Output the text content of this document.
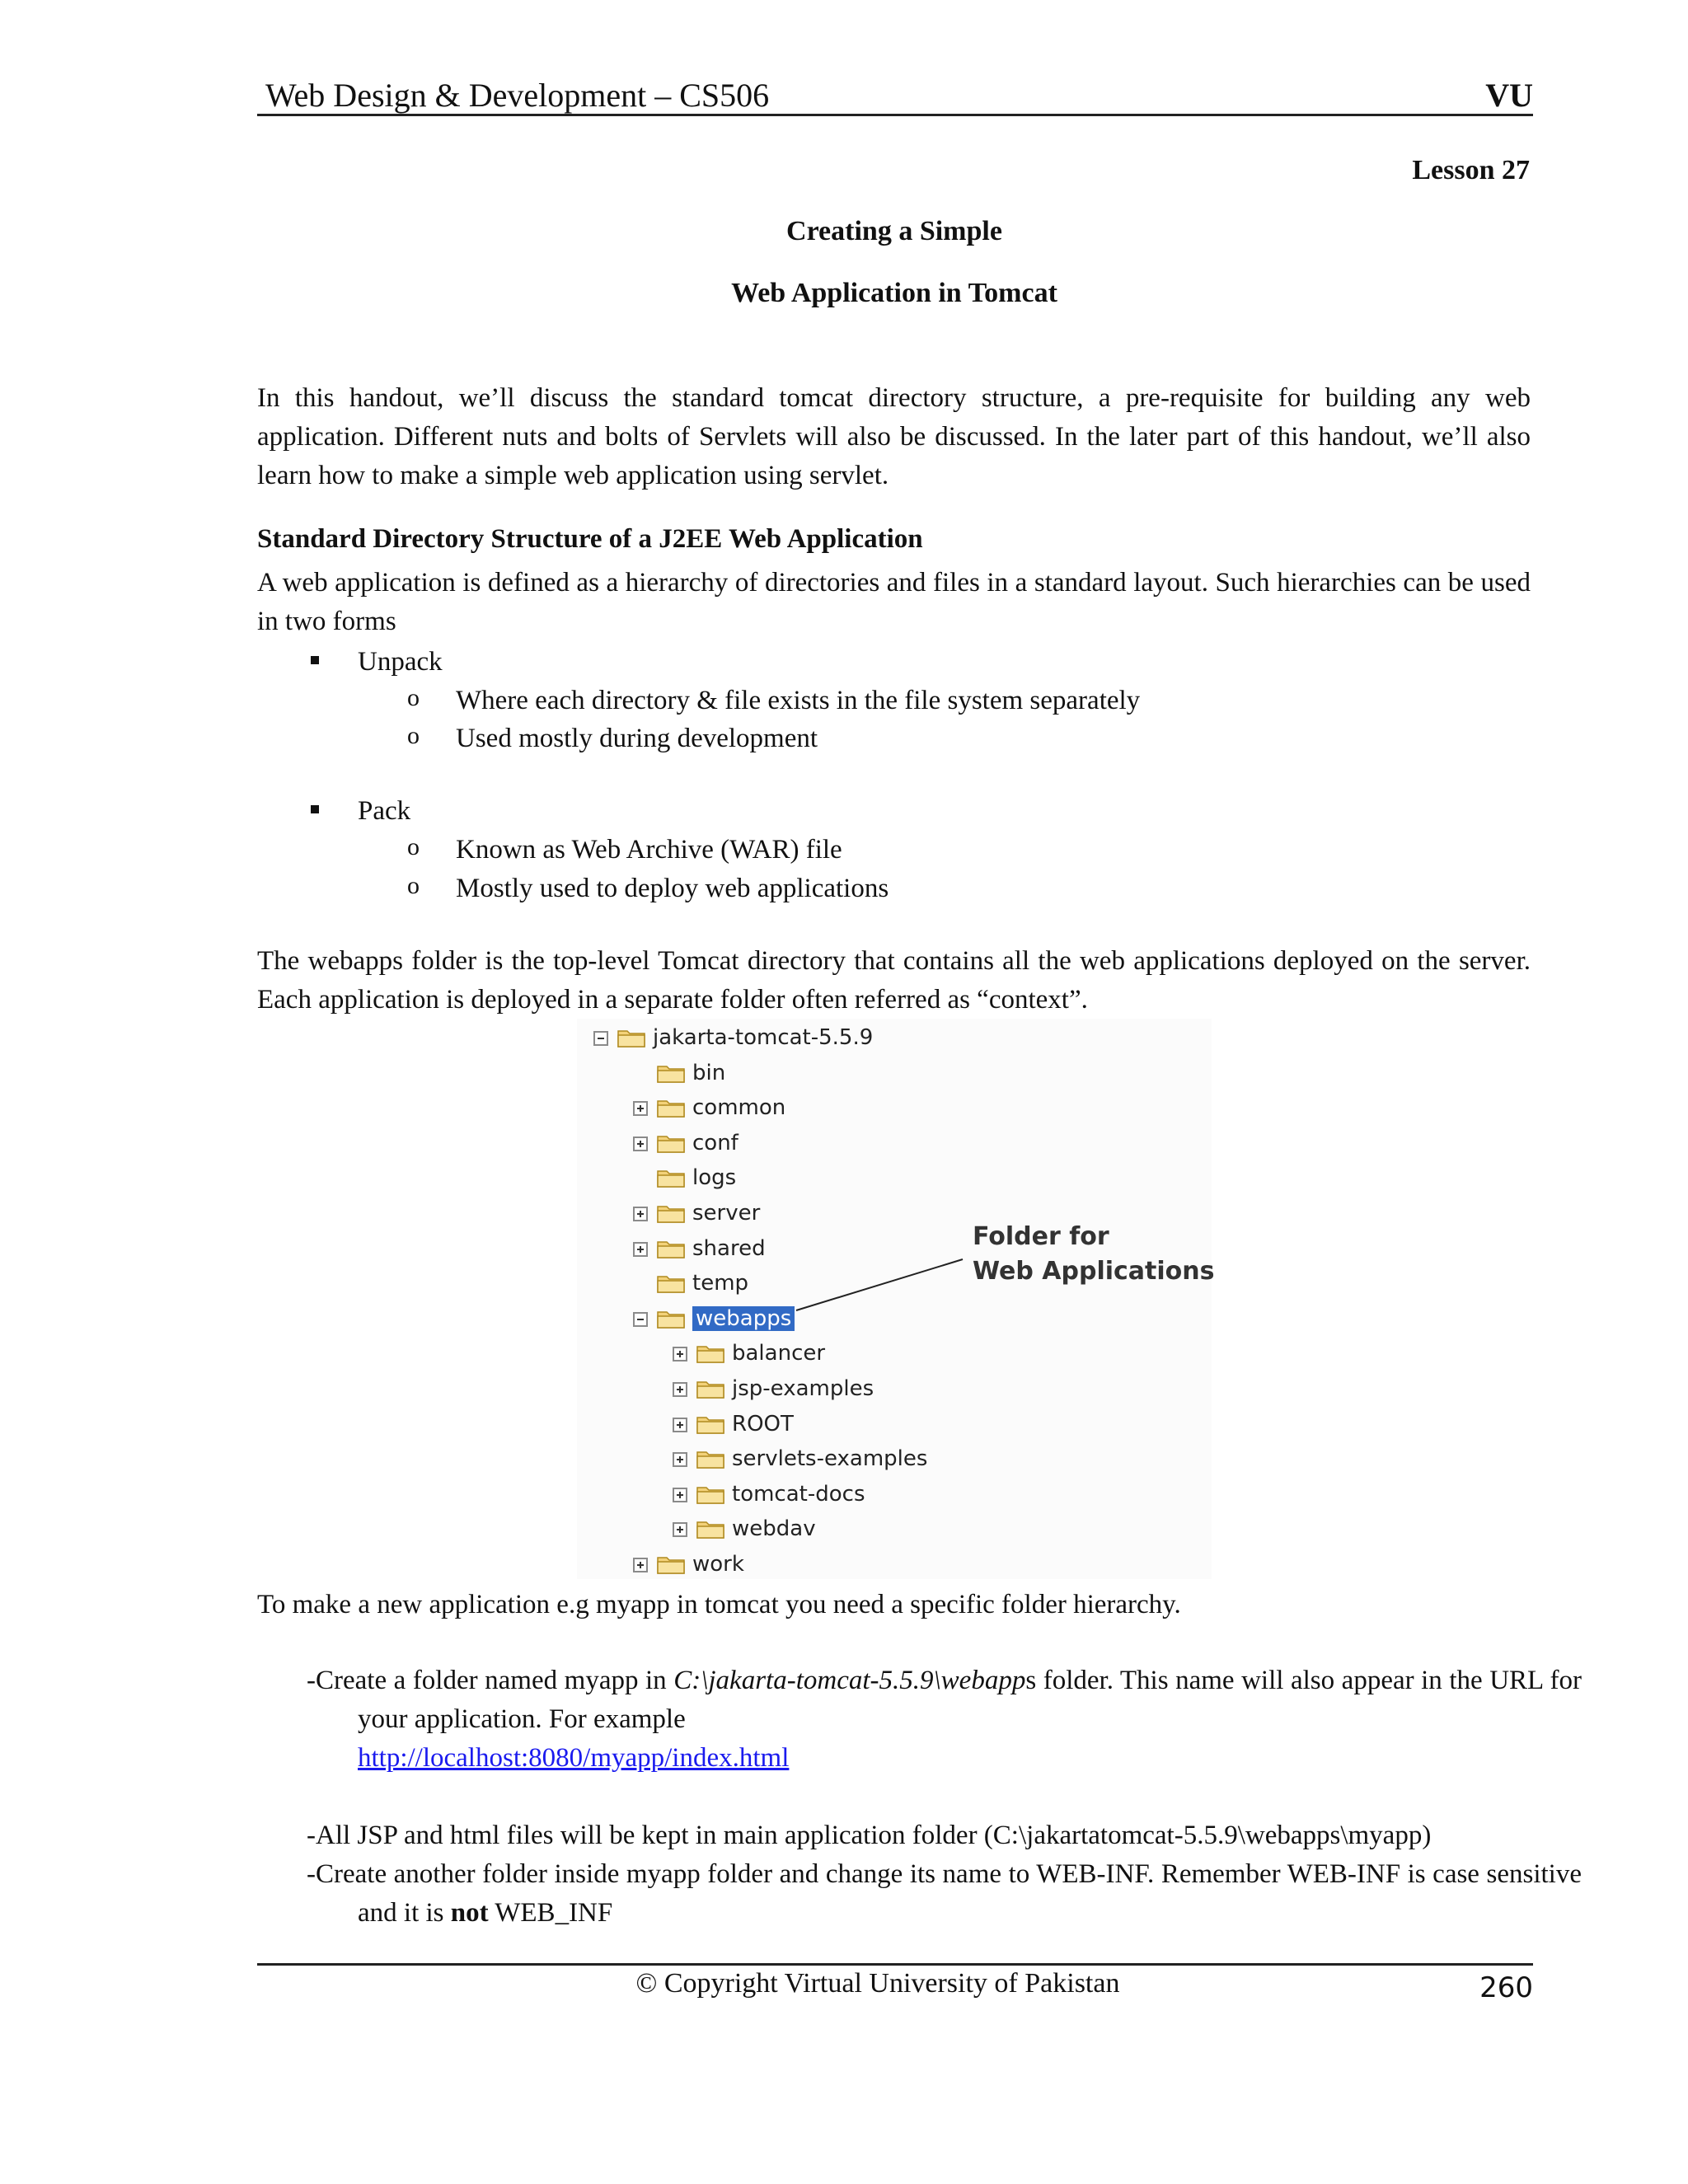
Web Design & Development – CS506	VU
Lesson 27
Creating a Simple
Web Application in Tomcat
In this handout, we’ll discuss the standard tomcat directory structure, a pre-requisite for building any web application. Different nuts and bolts of Servlets will also be discussed. In the later part of this handout, we’ll also learn how to make a simple web application using servlet.
Standard Directory Structure of a J2EE Web Application
A web application is defined as a hierarchy of directories and files in a standard layout. Such hierarchies can be used in two forms
Unpack
o Where each directory & file exists in the file system separately
o Used mostly during development
Pack
o Known as Web Archive (WAR) file
o Mostly used to deploy web applications
The webapps folder is the top-level Tomcat directory that contains all the web applications deployed on the server. Each application is deployed in a separate folder often referred as “context”.
jakarta-tomcat-5.5.9
bin
common
conf
logs
server
shared
temp
webapps
balancer
jsp-examples
ROOT
servlets-examples
tomcat-docs
webdav
work
Folder for
Web Applications
To make a new application e.g myapp in tomcat you need a specific folder hierarchy.
-Create a folder named myapp in C:\jakarta-tomcat-5.5.9\webapps folder. This name will also appear in the URL for your application. For example
http://localhost:8080/myapp/index.html
-All JSP and html files will be kept in main application folder (C:\jakartatomcat-5.5.9\webapps\myapp)
-Create another folder inside myapp folder and change its name to WEB-INF. Remember WEB-INF is case sensitive and it is not WEB_INF
© Copyright Virtual University of Pakistan	260
